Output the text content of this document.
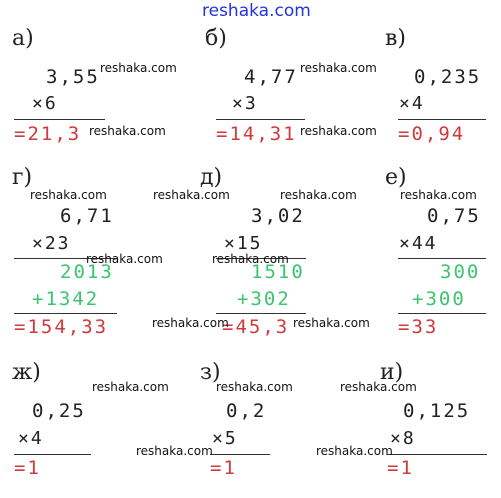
reshaka.com
а)
3,55
×6
=21,3
б)
4,77
×3
=14,31
в)
0,235
×4
=0,94
г)
6,71
×23
2013
+1342
=154,33
д)
3,02
×15
1510
+302
=45,3
е)
0,75
×44
300
+300
=33
ж)
0,25
×4
=1
з)
0,2
×5
=1
и)
0,125
×8
=1
reshaka.com	reshaka.com
reshaka.com	reshaka.com
reshaka.com	reshaka.com	reshaka.com	reshaka.com
reshaka.com	reshaka.com
reshaka.com	reshaka.com
reshaka.com	reshaka.com	reshaka.com
reshaka.com	reshaka.com
